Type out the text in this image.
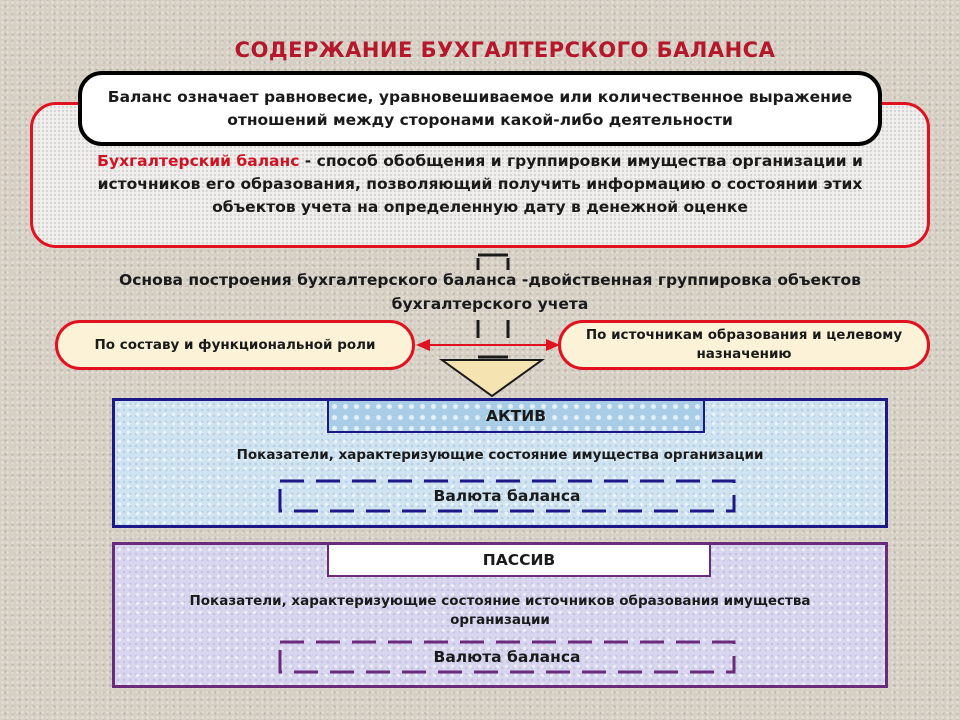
СОДЕРЖАНИЕ БУХГАЛТЕРСКОГО БАЛАНСА
Бухгалтерский баланс - способ обобщения и группировки имущества организации и источников его образования, позволяющий получить информацию о состоянии этих объектов учета на определенную дату в денежной оценке
Баланс означает равновесие, уравновешиваемое или количественное выражение отношений между сторонами какой-либо деятельности
Основа построения бухгалтерского баланса -двойственная группировка объектов бухгалтерского учета
По составу и функциональной роли
По источникам образования и целевому назначению
АКТИВ
Показатели, характеризующие состояние имущества организации
Валюта баланса
ПАССИВ
Показатели, характеризующие состояние источников образования имущества организации
Валюта баланса
